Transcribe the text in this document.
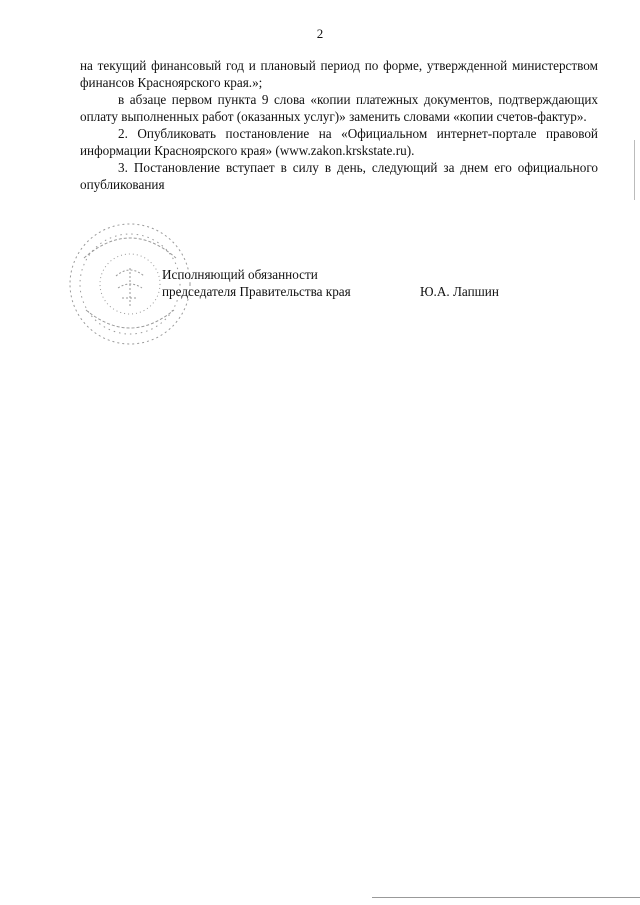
2

на текущий финансовый год и плановый период по форме, утвержденной министерством финансов Красноярского края.»;

в абзаце первом пункта 9 слова «копии платежных документов, подтверждающих оплату выполненных работ (оказанных услуг)» заменить словами «копии счетов-фактур».

2. Опубликовать постановление на «Официальном интернет-портале правовой информации Красноярского края» (www.zakon.krskstate.ru).

3. Постановление вступает в силу в день, следующий за днем его официального опубликования

Исполняющий обязанности
председателя Правительства края	Ю.А. Лапшин
